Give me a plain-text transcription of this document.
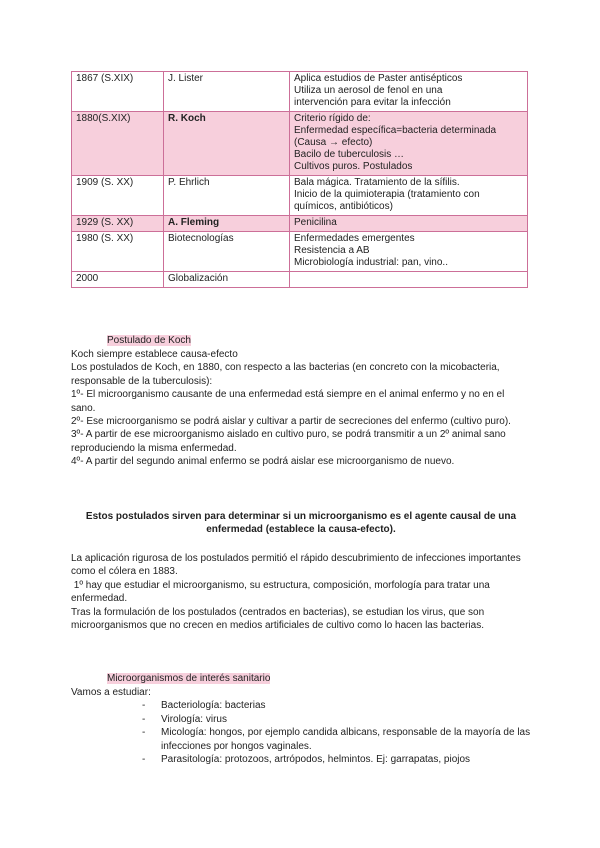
1867 (S.XIX)	J. Lister	Aplica estudios de Paster antisépticos
Utiliza un aerosol de fenol en una
intervención para evitar la infección

1880(S.XIX)	R. Koch	Criterio rígido de:
Enfermedad específica=bacteria determinada
(Causa → efecto)
Bacilo de tuberculosis …
Cultivos puros. Postulados

1909 (S. XX)	P. Ehrlich	Bala mágica. Tratamiento de la sífilis.
Inicio de la quimioterapia (tratamiento con
químicos, antibióticos)

1929 (S. XX)	A. Fleming	Penicilina

1980 (S. XX)	Biotecnologías	Enfermedades emergentes
Resistencia a AB
Microbiología industrial: pan, vino..

2000	Globalización	

Postulado de Koch

Koch siempre establece causa-efecto

Los postulados de Koch, en 1880, con respecto a las bacterias (en concreto con la micobacteria, responsable de la tuberculosis):

1º- El microorganismo causante de una enfermedad está siempre en el animal enfermo y no en el sano.

2º- Ese microorganismo se podrá aislar y cultivar a partir de secreciones del enfermo (cultivo puro).

3º- A partir de ese microorganismo aislado en cultivo puro, se podrá transmitir a un 2º animal sano reproduciendo la misma enfermedad.

4º- A partir del segundo animal enfermo se podrá aislar ese microorganismo de nuevo.

Estos postulados sirven para determinar si un microorganismo es el agente causal de una enfermedad (establece la causa-efecto).

La aplicación rigurosa de los postulados permitió el rápido descubrimiento de infecciones importantes como el cólera en 1883.

1º hay que estudiar el microorganismo, su estructura, composición, morfología para tratar una enfermedad.

Tras la formulación de los postulados (centrados en bacterias), se estudian los virus, que son microorganismos que no crecen en medios artificiales de cultivo como lo hacen las bacterias.

Microorganismos de interés sanitario

Vamos a estudiar:

- Bacteriología: bacterias
- Virología: virus
- Micología: hongos, por ejemplo candida albicans, responsable de la mayoría de las infecciones por hongos vaginales.
- Parasitología: protozoos, artrópodos, helmintos. Ej: garrapatas, piojos
